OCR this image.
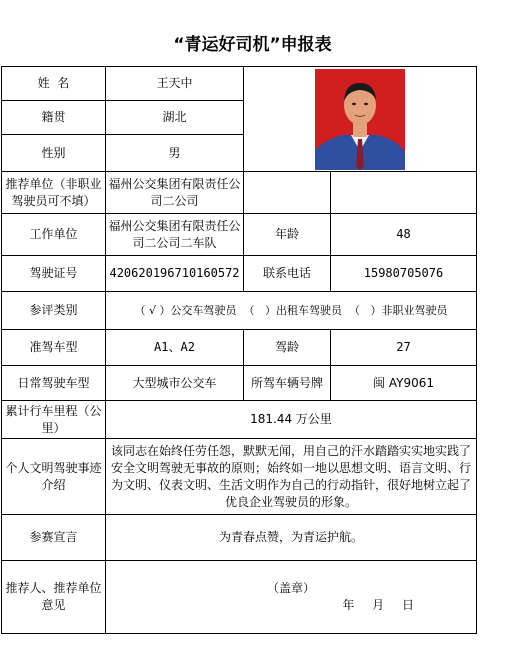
“青运好司机”申报表
姓  名	王天中	

籍贯	湖北		
性别	男		
推荐单位（非职业驾驶员可不填）	福州公交集团有限责任公司二公司		
工作单位	福州公交集团有限责任公司二公司二车队	年龄	48
驾驶证号	420620196710160572	联系电话	15980705076
参评类别	（ √ ）公交车驾驶员  （   ）出租车驾驶员  （   ）非职业驾驶员		
准驾车型	A1、A2	驾龄	27
日常驾驶车型	大型城市公交车	所驾车辆号牌	闽 AY9061
累计行车里程（公里）	181.44 万公里		
个人文明驾驶事迹介绍	该同志在始终任劳任怨，默默无闻，用自己的汗水踏踏实实地实践了安全文明驾驶无事故的原则；始终如一地以思想文明、语言文明、行为文明、仪表文明、生活文明作为自己的行动指针，很好地树立起了优良企业驾驶员的形象。		
参赛宣言	为青春点赞，为青运护航。		
推荐人、推荐单位意见	（盖章）
年 月 日		
